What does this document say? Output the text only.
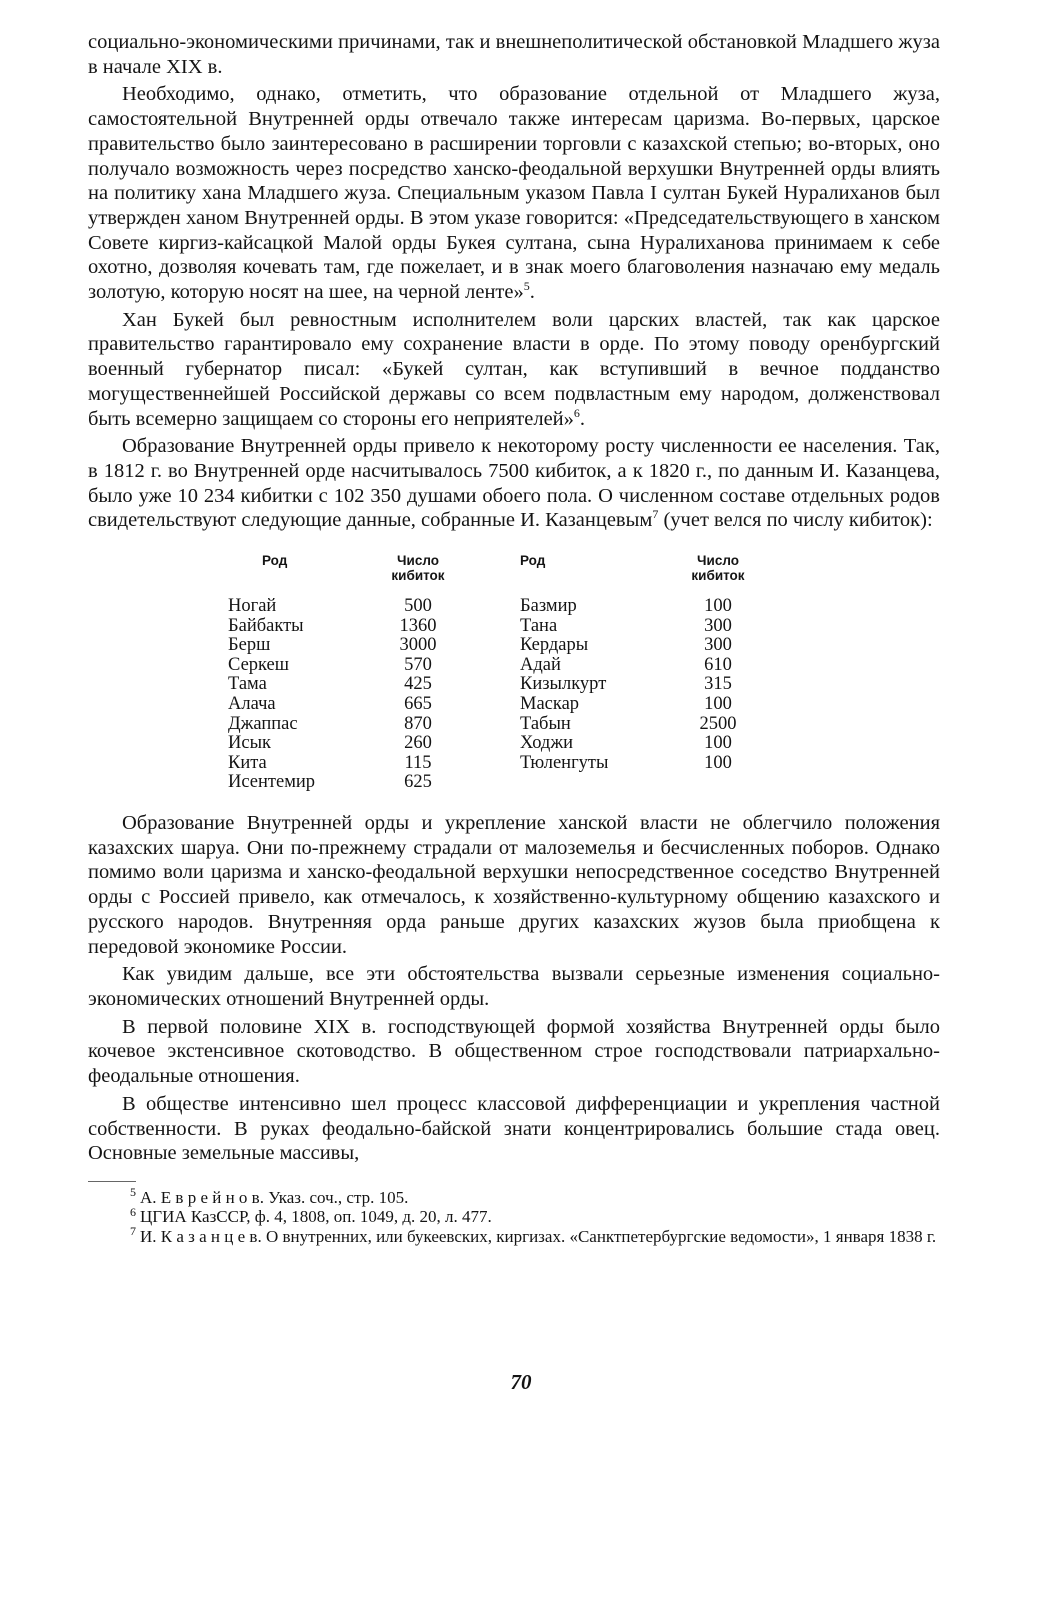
социально-экономическими причинами, так и внешнеполитической обстановкой Младшего жуза в начале XIX в.

Необходимо, однако, отметить, что образование отдельной от Младшего жуза, самостоятельной Внутренней орды отвечало также интересам царизма. Во-первых, царское правительство было заинтересовано в расширении торговли с казахской степью; во-вторых, оно получало возможность через посредство ханско-феодальной верхушки Внутренней орды влиять на политику хана Младшего жуза. Специальным указом Павла I султан Букей Нуралиханов был утвержден ханом Внутренней орды. В этом указе говорится: «Председательствующего в ханском Совете киргиз-кайсацкой Малой орды Букея султана, сына Нуралиханова принимаем к себе охотно, дозволяя кочевать там, где пожелает, и в знак моего благоволения назначаю ему медаль золотую, которую носят на шее, на черной ленте»$^5$.

Хан Букей был ревностным исполнителем воли царских властей, так как царское правительство гарантировало ему сохранение власти в орде. По этому поводу оренбургский военный губернатор писал: «Букей султан, как вступивший в вечное подданство могущественнейшей Российской державы со всем подвластным ему народом, долженствовал быть всемерно защищаем со стороны его неприятелей»$^6$.

Образование Внутренней орды привело к некоторому росту численности ее населения. Так, в 1812 г. во Внутренней орде насчитывалось 7500 кибиток, а к 1820 г., по данным И. Казанцева, было уже 10 234 кибитки с 102 350 душами обоего пола. О численном составе отдельных родов свидетельствуют следующие данные, собранные И. Казанцевым$^7$ (учет велся по числу кибиток):

Род	Число
кибиток
Род	Число
кибиток
Ногай
Байбакты
Берш
Серкеш
Тама
Алача
Джаппас
Исык
Кита
Исентемир
500
1360
3000
570
425
665
870
260
115
625
Базмир
Тана
Кердары
Адай
Кизылкурт
Маскар
Табын
Ходжи
Тюленгуты
100
300
300
610
315
100
2500
100
100

Образование Внутренней орды и укрепление ханской власти не облегчило положения казахских шаруа. Они по-прежнему страдали от малоземелья и бесчисленных поборов. Однако помимо воли царизма и ханско-феодальной верхушки непосредственное соседство Внутренней орды с Россией привело, как отмечалось, к хозяйственно-культурному общению казахского и русского народов. Внутренняя орда раньше других казахских жузов была приобщена к передовой экономике России.

Как увидим дальше, все эти обстоятельства вызвали серьезные изменения социально-экономических отношений Внутренней орды.

В первой половине XIX в. господствующей формой хозяйства Внутренней орды было кочевое экстенсивное скотоводство. В общественном строе господствовали патриархально-феодальные отношения.

В обществе интенсивно шел процесс классовой дифференциации и укрепления частной собственности. В руках феодально-байской знати концентрировались большие стада овец. Основные земельные массивы,

5 А. Е в р е й н о в. Указ. соч., стр. 105.

6 ЦГИА КазССР, ф. 4, 1808, оп. 1049, д. 20, л. 477.

7 И. К а з а н ц е в. О внутренних, или букеевских, киргизах. «Санктпетербургские ведомости», 1 января 1838 г.

70
